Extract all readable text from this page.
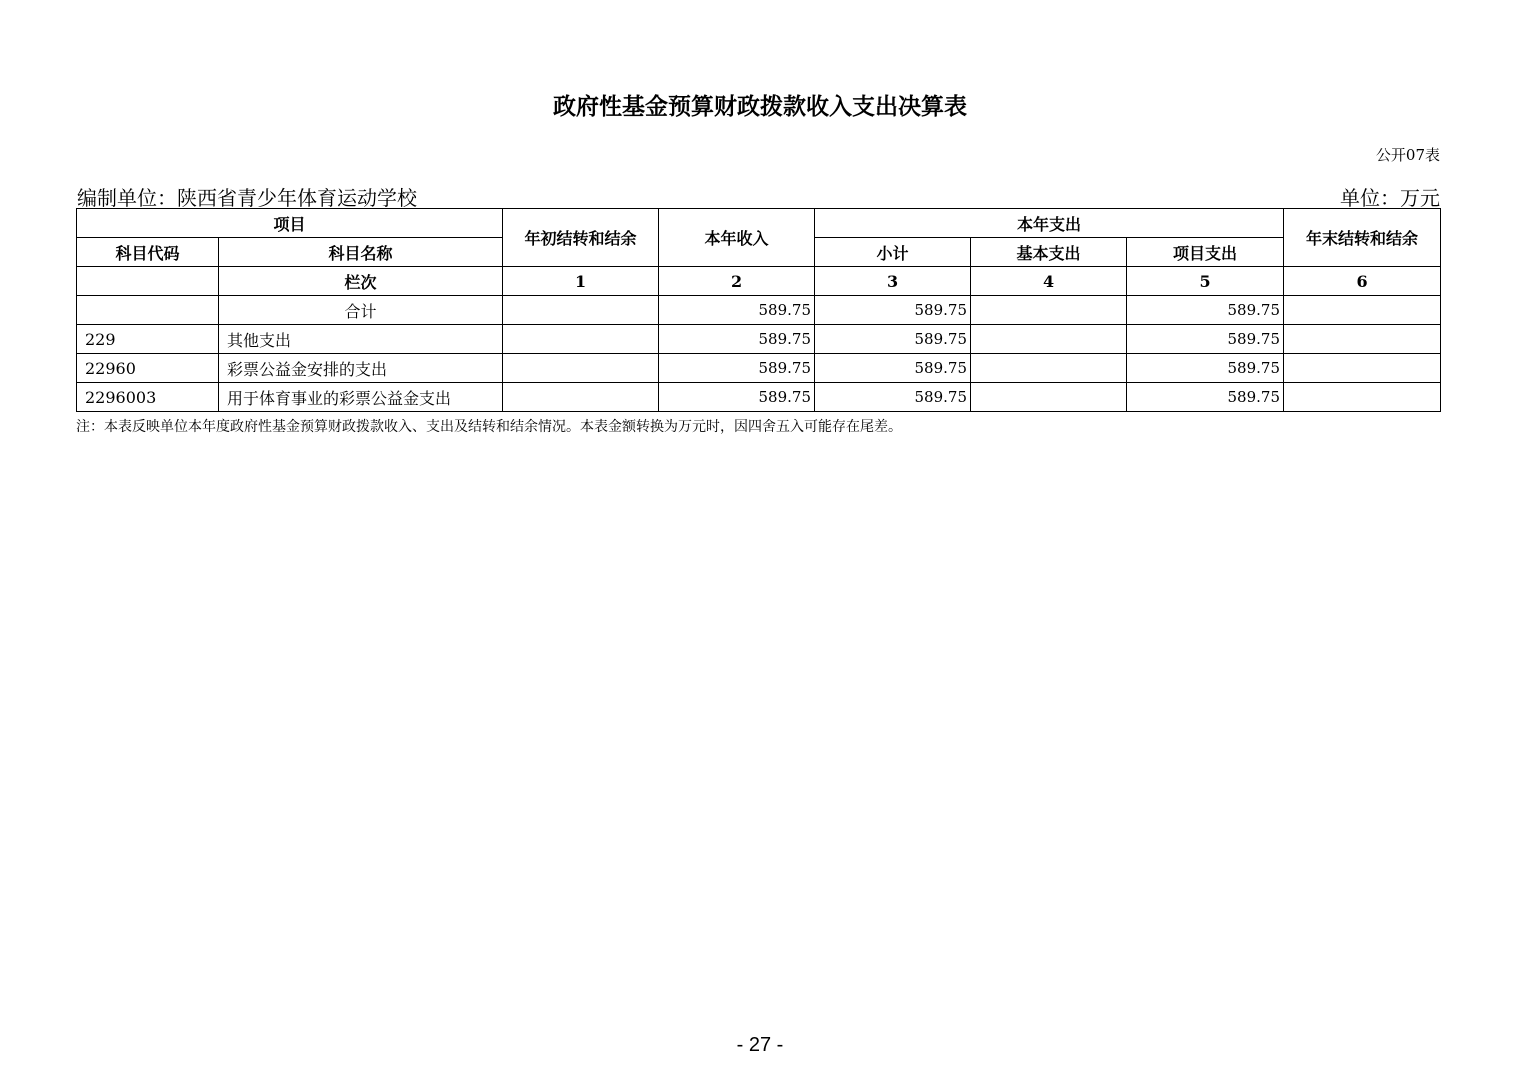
政府性基金预算财政拨款收入支出决算表
公开07表
编制单位：陕西省青少年体育运动学校	单位：万元
项目		年初结转和结余	本年收入	本年支出			年末结转和结余
科目代码	科目名称			小计	基本支出	项目支出	
	栏次	1	2	3	4	5	6
	合计		589.75	589.75		589.75	
229	其他支出		589.75	589.75		589.75	
22960	彩票公益金安排的支出		589.75	589.75		589.75	
2296003	用于体育事业的彩票公益金支出		589.75	589.75		589.75	
注：本表反映单位本年度政府性基金预算财政拨款收入、支出及结转和结余情况。本表金额转换为万元时，因四舍五入可能存在尾差。
- 27 -
